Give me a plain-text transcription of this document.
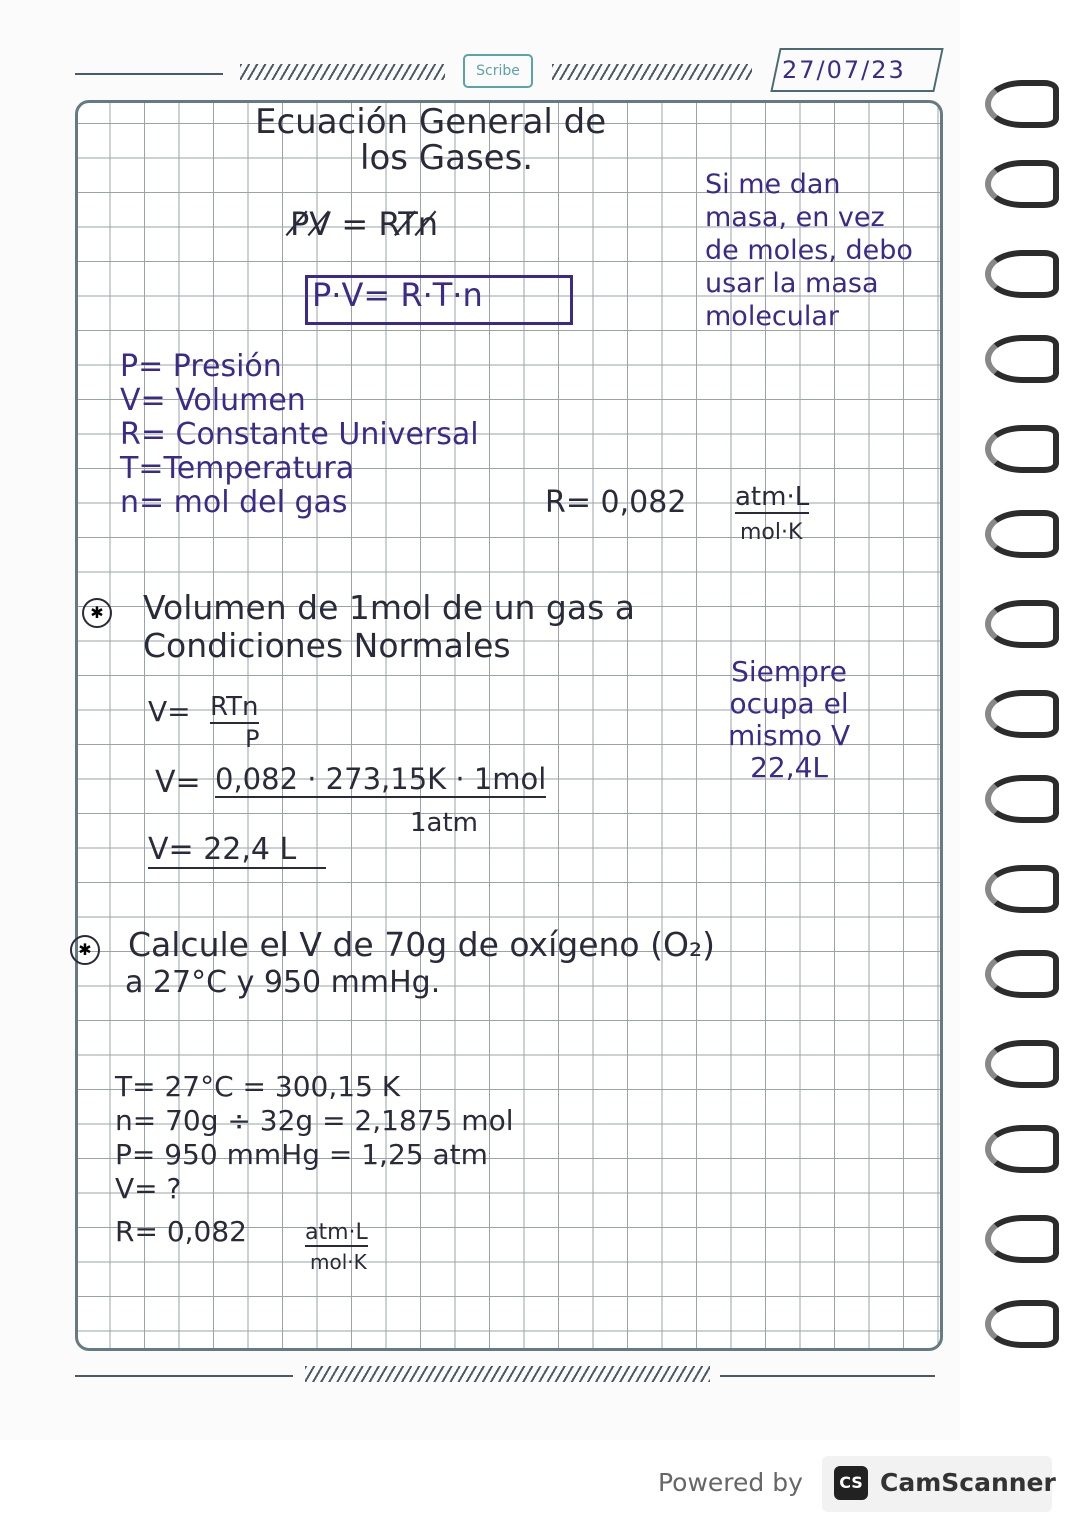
Scribe	27/07/23
Ecuación General de
los Gases.
P̸V̸ = RT̸n̸
P·V= R·T·n
Si me dan
masa, en vez
de moles, debo
usar la masa
molecular
P= Presión
V= Volumen
R= Constante Universal
T=Temperatura
n= mol del gas	R= 0,082 atm·L
mol·K
✱ Volumen de 1mol de un gas a
Condiciones Normales
Siempre
ocupa el
mismo V
22,4L
V= RTn
P
V= 0,082 · 273,15K · 1mol
1atm
V= 22,4 L
✱ Calcule el V de 70g de oxígeno (O₂)
a 27°C y 950 mmHg.
T= 27°C = 300,15 K
n= 70g ÷ 32g = 2,1875 mol
P= 950 mmHg = 1,25 atm
V= ?
R= 0,082	atm·L
mol·K
Powered by	CS CamScanner
